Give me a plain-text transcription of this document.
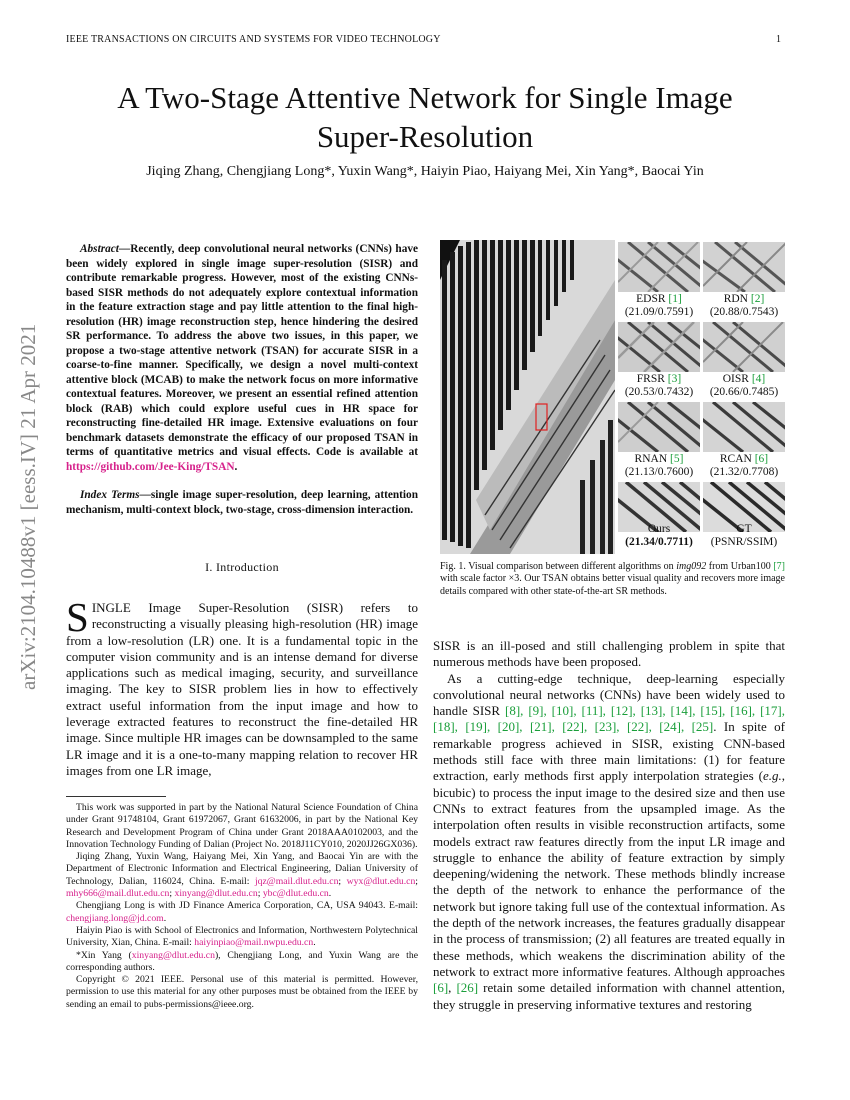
IEEE TRANSACTIONS ON CIRCUITS AND SYSTEMS FOR VIDEO TECHNOLOGY	1
arXiv:2104.10488v1 [eess.IV] 21 Apr 2021
A Two-Stage Attentive Network for Single Image
Super-Resolution
Jiqing Zhang, Chengjiang Long*, Yuxin Wang*, Haiyin Piao, Haiyang Mei, Xin Yang*, Baocai Yin
Abstract—Recently, deep convolutional neural networks (CNNs) have been widely explored in single image super-resolution (SISR) and contribute remarkable progress. However, most of the existing CNNs-based SISR methods do not adequately explore contextual information in the feature extraction stage and pay little attention to the final high-resolution (HR) image reconstruction step, hence hindering the desired SR performance. To address the above two issues, in this paper, we propose a two-stage attentive network (TSAN) for accurate SISR in a coarse-to-fine manner. Specifically, we design a novel multi-context attentive block (MCAB) to make the network focus on more informative contextual features. Moreover, we present an essential refined attention block (RAB) which could explore useful cues in HR space for reconstructing fine-detailed HR image. Extensive evaluations on four benchmark datasets demonstrate the efficacy of our proposed TSAN in terms of quantitative metrics and visual effects. Code is available at https://github.com/Jee-King/TSAN.
Index Terms—single image super-resolution, deep learning, attention mechanism, multi-context block, two-stage, cross-dimension interaction.
I. Introduction
SINGLE Image Super-Resolution (SISR) refers to reconstructing a visually pleasing high-resolution (HR) image from a low-resolution (LR) one. It is a fundamental topic in the computer vision community and is an intense demand for diverse applications such as medical imaging, security, and surveillance imaging. The key to SISR problem lies in how to effectively extract useful information from the input image and how to leverage extracted features to reconstruct the fine-detailed HR image. Since multiple HR images can be downsampled to the same LR image and it is a one-to-many mapping relation to recover HR images from one LR image,

This work was supported in part by the National Natural Science Foundation of China under Grant 91748104, Grant 61972067, Grant 61632006, in part by the National Key Research and Development Program of China under Grant 2018AAA0102003, and the Innovation Technology Funding of Dalian (Project No. 2018J11CY010, 2020JJ26GX036).

Jiqing Zhang, Yuxin Wang, Haiyang Mei, Xin Yang, and Baocai Yin are with the Department of Electronic Information and Electrical Engineering, Dalian University of Technology, Dalian, 116024, China. E-mail: jqz@mail.dlut.edu.cn; wyx@dlut.edu.cn; mhy666@mail.dlut.edu.cn; xinyang@dlut.edu.cn; ybc@dlut.edu.cn.

Chengjiang Long is with JD Finance America Corporation, CA, USA 94043. E-mail: chengjiang.long@jd.com.

Haiyin Piao is with School of Electronics and Information, Northwestern Polytechnical University, Xian, China. E-mail: haiyinpiao@mail.nwpu.edu.cn.

*Xin Yang (xinyang@dlut.edu.cn), Chengjiang Long, and Yuxin Wang are the corresponding authors.

Copyright © 2021 IEEE. Personal use of this material is permitted. However, permission to use this material for any other purposes must be obtained from the IEEE by sending an email to pubs-permissions@ieee.org.

EDSR [1]
(21.09/0.7591)
RDN [2]
(20.88/0.7543)
FRSR [3]
(20.53/0.7432)
OISR [4]
(20.66/0.7485)
RNAN [5]
(21.13/0.7600)
RCAN [6]
(21.32/0.7708)
Ours
(21.34/0.7711)
GT
(PSNR/SSIM)
Fig. 1. Visual comparison between different algorithms on img092 from Urban100 [7] with scale factor ×3. Our TSAN obtains better visual quality and recovers more image details compared with other state-of-the-art SR methods.

SISR is an ill-posed and still challenging problem in spite that numerous methods have been proposed.

As a cutting-edge technique, deep-learning especially convolutional neural networks (CNNs) have been widely used to handle SISR [8], [9], [10], [11], [12], [13], [14], [15], [16], [17], [18], [19], [20], [21], [22], [23], [22], [24], [25]. In spite of remarkable progress achieved in SISR, existing CNN-based methods still face with three main limitations: (1) for feature extraction, early methods first apply interpolation strategies (e.g., bicubic) to process the input image to the desired size and then use CNNs to extract features from the upsampled image. As the interpolation often results in visible reconstruction artifacts, some models extract raw features directly from the input LR image and struggle to enhance the ability of feature extraction by simply deepening/widening the network. These methods blindly increase the depth of the network to enhance the performance of the network but ignore taking full use of the contextual information. As the depth of the network increases, the features gradually disappear in the process of transmission; (2) all features are treated equally in these methods, which weakens the discrimination ability of the network to extract more informative features. Although approaches [6], [26] retain some detailed information with channel attention, they struggle in preserving informative textures and restoring
